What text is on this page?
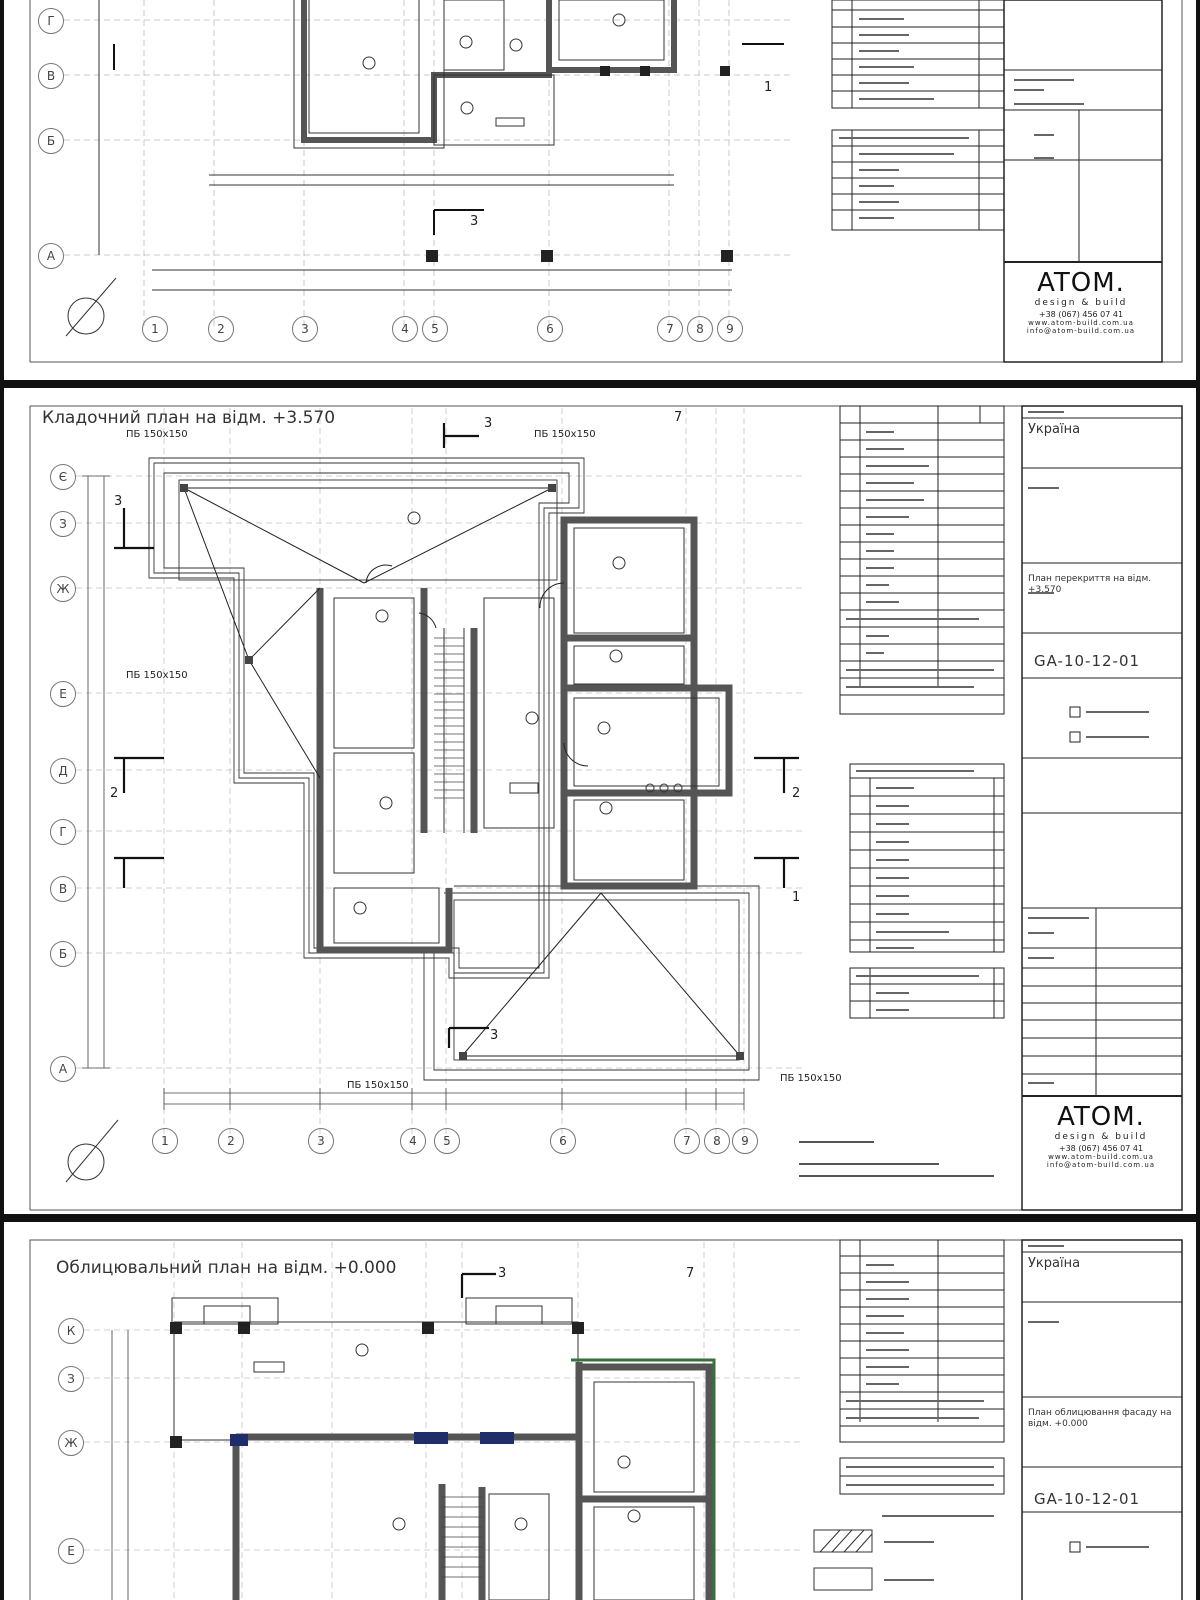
Г
В
Б
А
1	2	3	4	5	6	7	8	9
1
3
ATOM.
design & build
+38 (067) 456 07 41
www.atom-build.com.ua
info@atom-build.com.ua
Кладочний план на відм. +3.570
ПБ 150х150	ПБ 150х150
ПБ 150х150
ПБ 150х150
ПБ 150х150
3
3
2	2
1
3
7
Є
З
Ж
Е
Д
Г
В
Б
А
1	2	3	4	5	6	7	8	9
Україна
План перекриття на відм. +3.570
GA-10-12-01
ATOM.
design & build
+38 (067) 456 07 41
www.atom-build.com.ua
info@atom-build.com.ua
Облицювальний план на відм. +0.000	3	7
К
З
Ж
Е
Україна
План облицювання фасаду на відм. +0.000
GA-10-12-01
